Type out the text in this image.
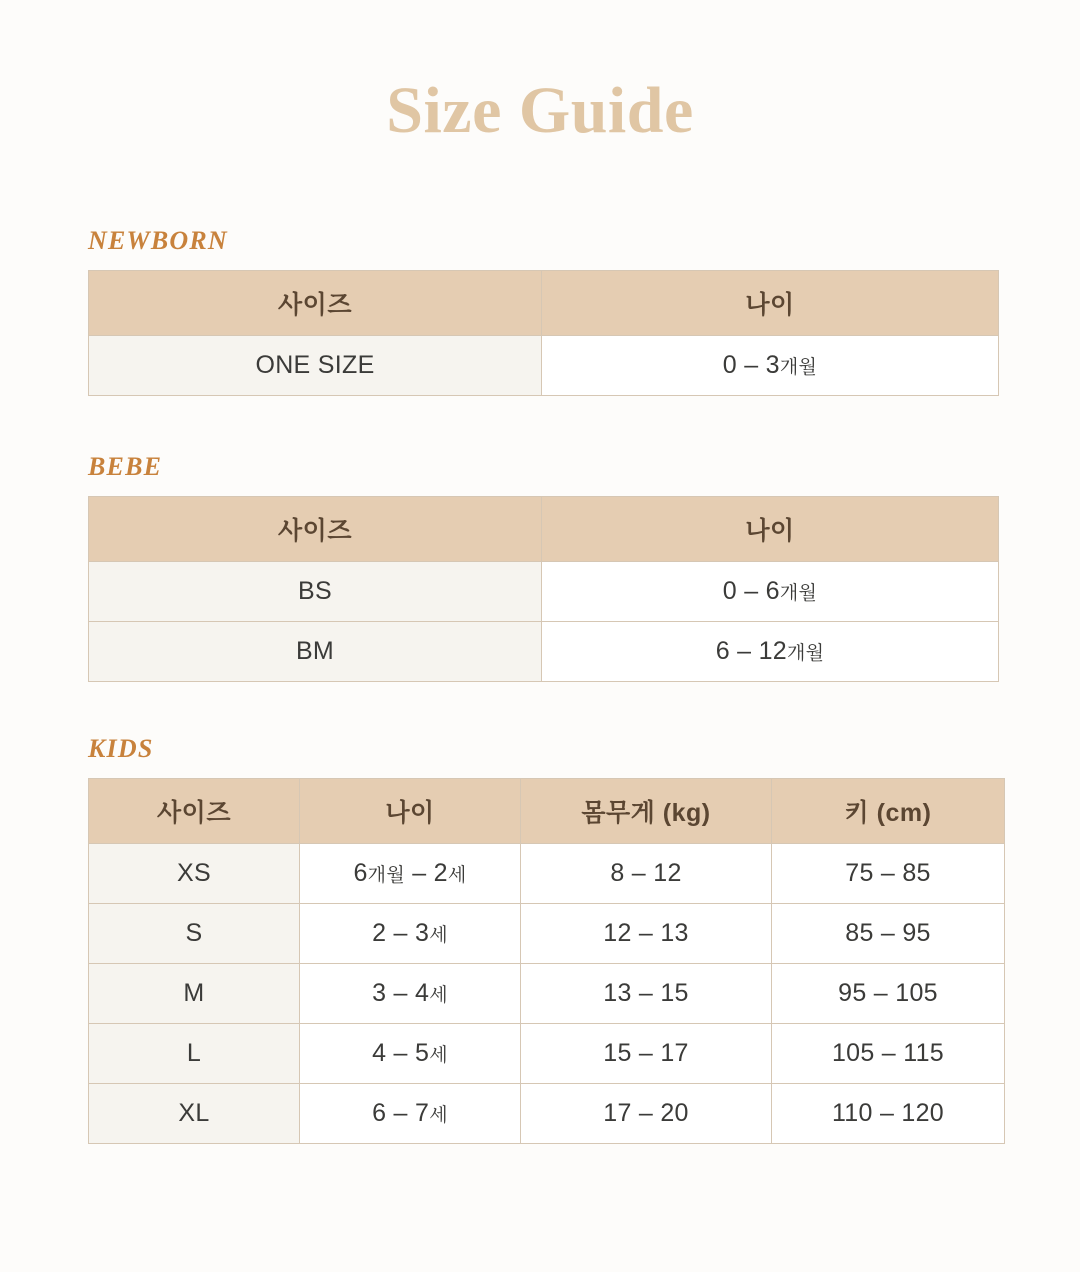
Size Guide

NEWBORN

사이즈	나이
ONE SIZE	0 – 3개월

BEBE

사이즈	나이
BS	0 – 6개월
BM	6 – 12개월

KIDS

사이즈	나이	몸무게 (kg)	키 (cm)
XS	6개월 – 2세	8 – 12	75 – 85
S	2 – 3세	12 – 13	85 – 95
M	3 – 4세	13 – 15	95 – 105
L	4 – 5세	15 – 17	105 – 115
XL	6 – 7세	17 – 20	110 – 120
